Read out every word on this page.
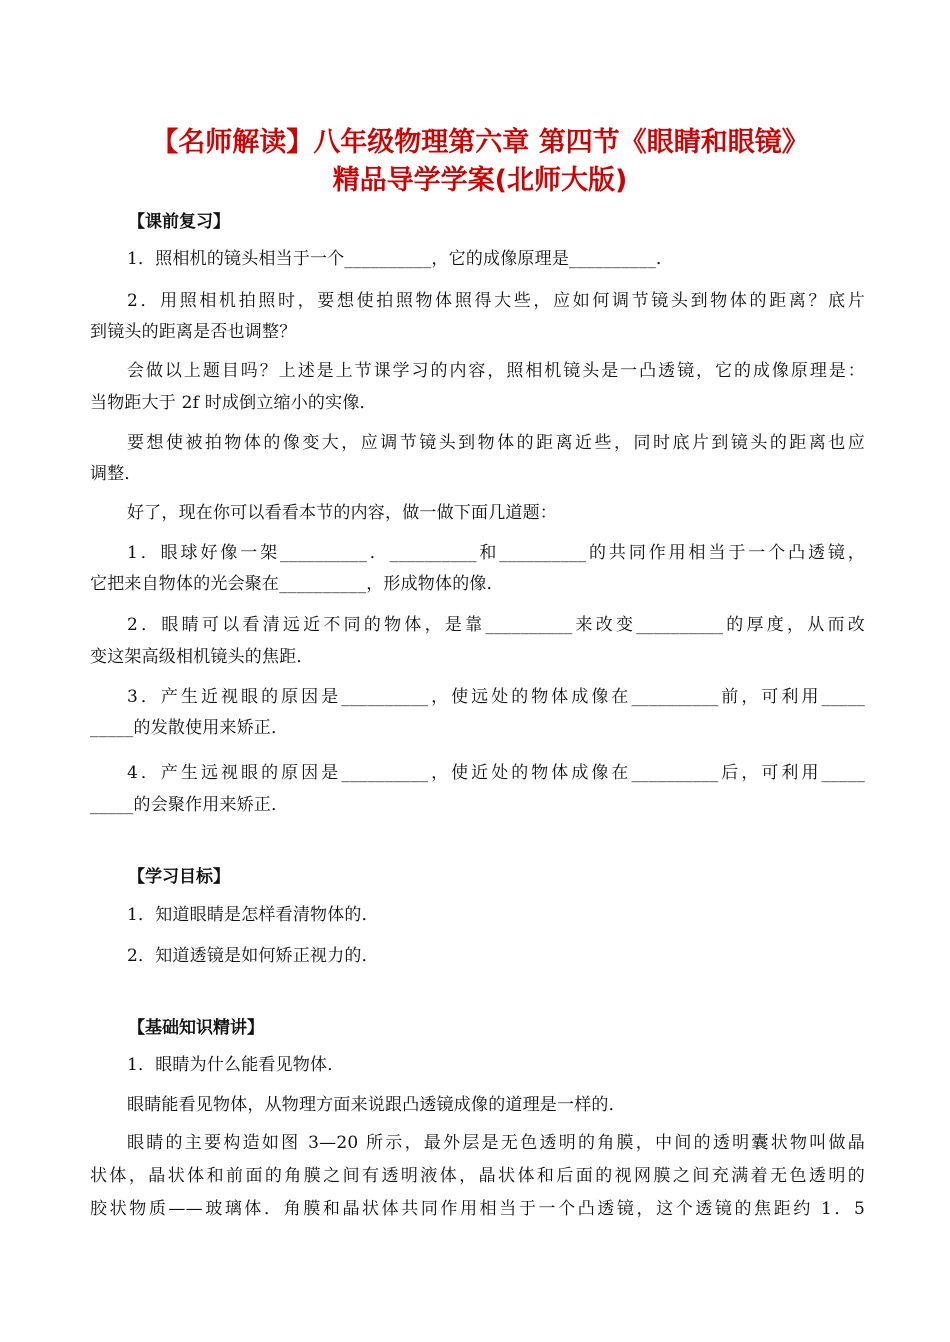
【名师解读】八年级物理第六章 第四节《眼睛和眼镜》
精品导学学案(北师大版)
【课前复习】
1．照相机的镜头相当于一个__________，它的成像原理是__________．
2．用照相机拍照时，要想使拍照物体照得大些，应如何调节镜头到物体的距离？底片
到镜头的距离是否也调整？
会做以上题目吗？上述是上节课学习的内容，照相机镜头是一凸透镜，它的成像原理是：
当物距大于 2f 时成倒立缩小的实像．
要想使被拍物体的像变大，应调节镜头到物体的距离近些，同时底片到镜头的距离也应
调整．
好了，现在你可以看看本节的内容，做一做下面几道题：
1．眼球好像一架__________．__________和__________的共同作用相当于一个凸透镜，
它把来自物体的光会聚在__________，形成物体的像．
2．眼睛可以看清远近不同的物体，是靠__________来改变__________的厚度，从而改
变这架高级相机镜头的焦距．
3．产生近视眼的原因是__________，使远处的物体成像在__________前，可利用_____
_____的发散使用来矫正．
4．产生远视眼的原因是__________，使近处的物体成像在__________后，可利用_____
_____的会聚作用来矫正．
【学习目标】
1．知道眼睛是怎样看清物体的．
2．知道透镜是如何矫正视力的．
【基础知识精讲】
1．眼睛为什么能看见物体．
眼睛能看见物体，从物理方面来说跟凸透镜成像的道理是一样的．
眼睛的主要构造如图 3—20 所示，最外层是无色透明的角膜，中间的透明囊状物叫做晶
状体，晶状体和前面的角膜之间有透明液体，晶状体和后面的视网膜之间充满着无色透明的
胶状物质——玻璃体．角膜和晶状体共同作用相当于一个凸透镜，这个透镜的焦距约 1．5
